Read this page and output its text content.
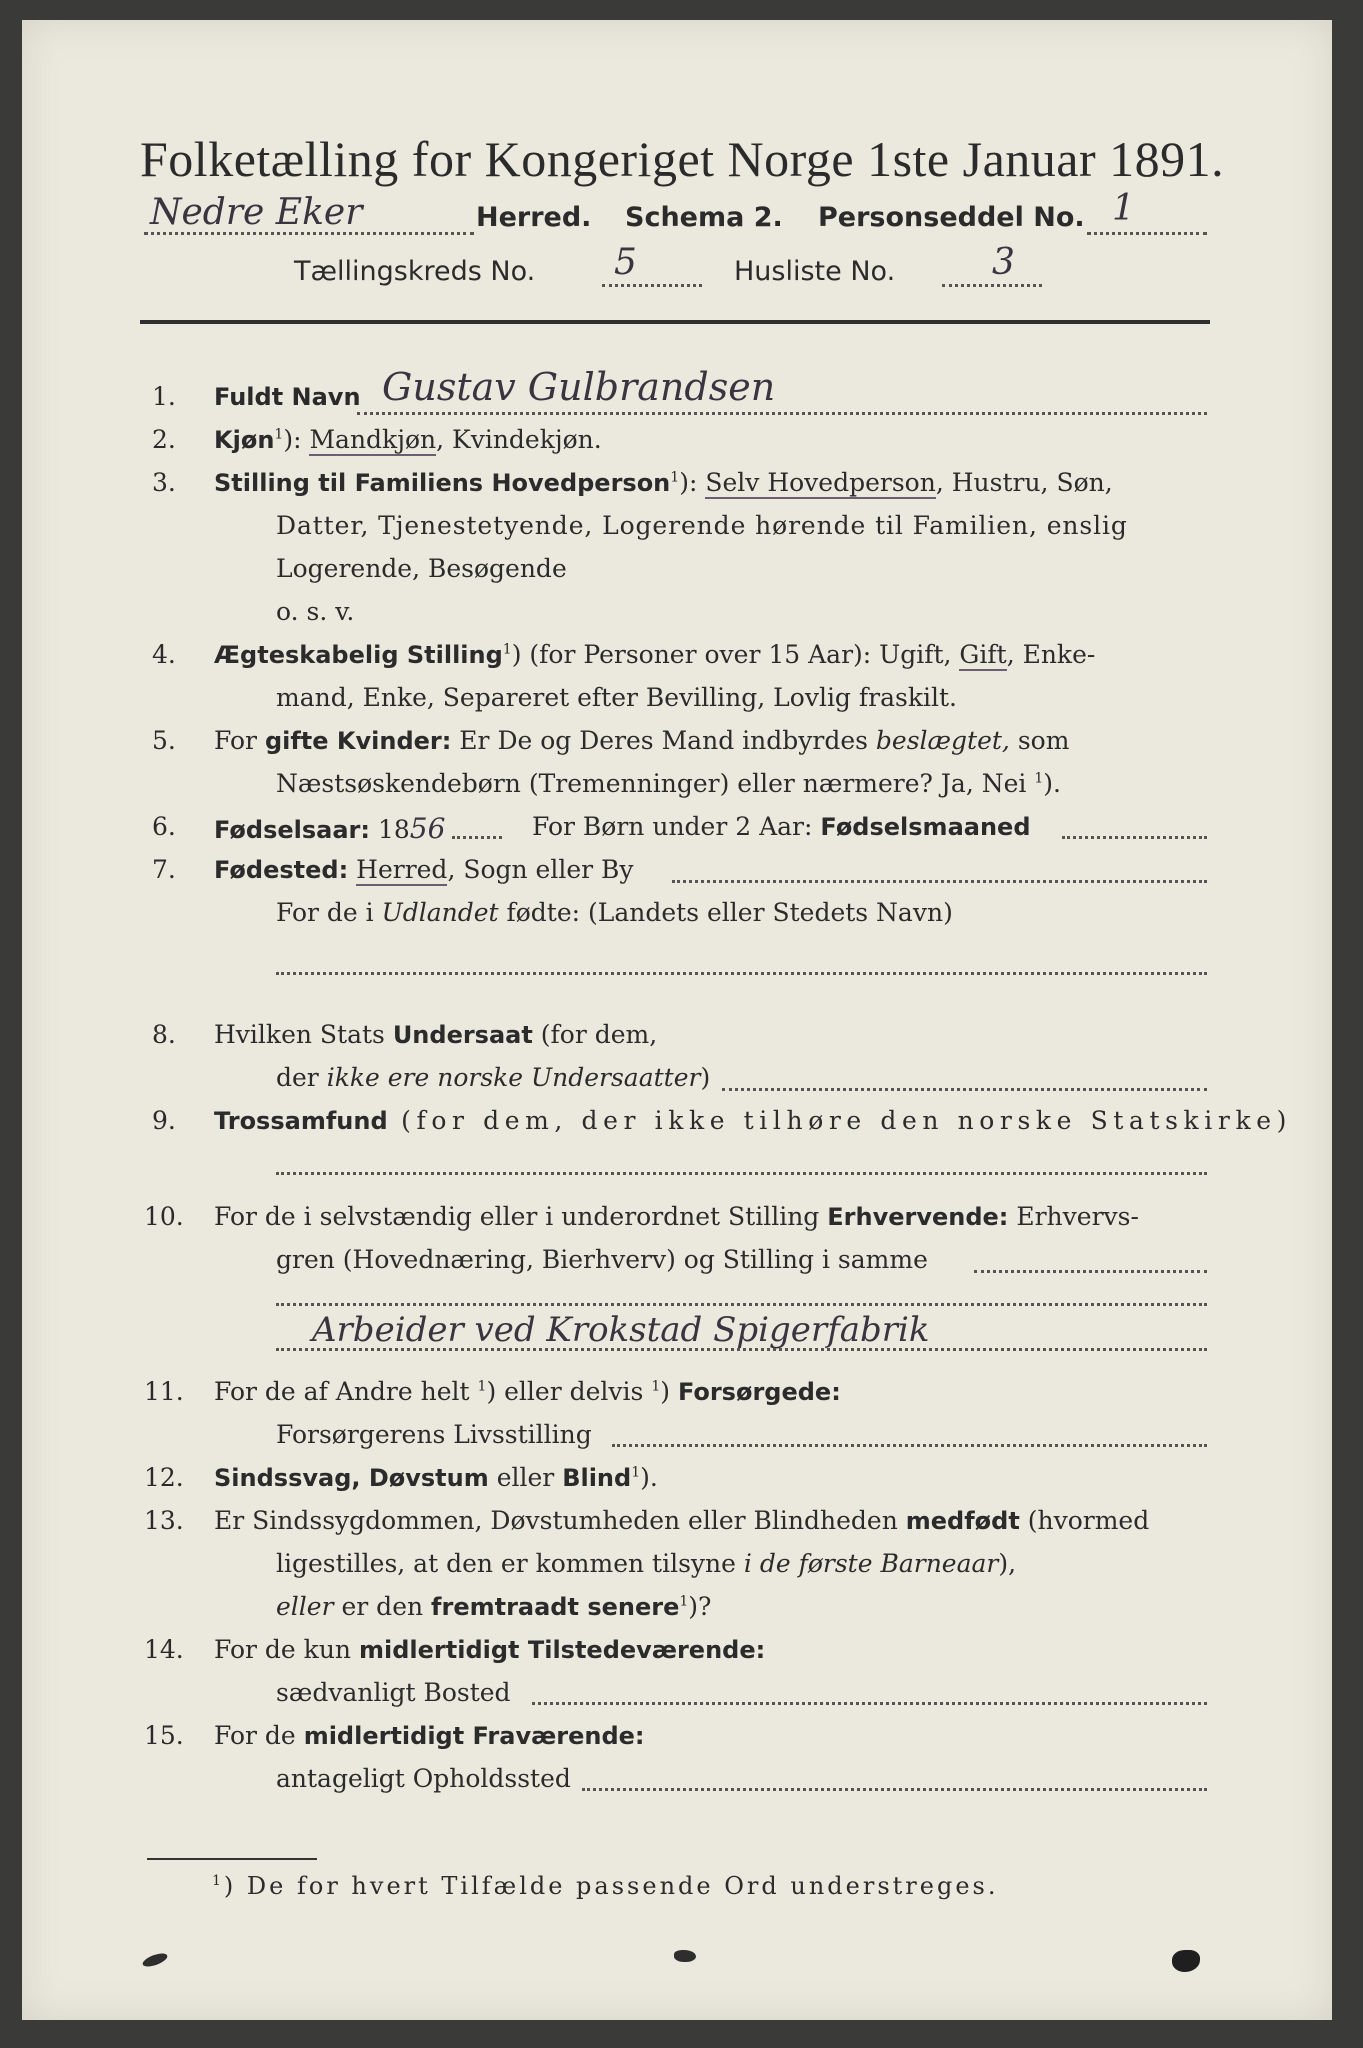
Folketælling for Kongeriget Norge 1ste Januar 1891.
Nedre Eker	Herred. Schema 2. Personseddel No. 1
Tællingskreds No. 5	Husliste No.	3
1. Fuldt Navn Gustav Gulbrandsen
2. Kjøn$^1$): Mandkjøn, Kvindekjøn.
3. Stilling til Familiens Hovedperson$^1$): Selv Hovedperson, Hustru, Søn,
Datter, Tjenestetyende, Logerende hørende til Familien, enslig
Logerende, Besøgende
o. s. v.
4. Ægteskabelig Stilling$^1$) (for Personer over 15 Aar): Ugift, Gift, Enke-
mand, Enke, Separeret efter Bevilling, Lovlig fraskilt.
5. For gifte Kvinder: Er De og Deres Mand indbyrdes beslægtet, som
Næstsøskendebørn (Tremenninger) eller nærmere? Ja, Nei $^1$).
6. Fødselsaar: 1856	For Børn under 2 Aar: Fødselsmaaned
7. Fødested: Herred, Sogn eller By
For de i Udlandet fødte: (Landets eller Stedets Navn)
8. Hvilken Stats Undersaat (for dem,
der ikke ere norske Undersaatter)
9. Trossamfund (for dem, der ikke tilhøre den norske Statskirke)
10. For de i selvstændig eller i underordnet Stilling Erhvervende: Erhvervs-
gren (Hovednæring, Bierhverv) og Stilling i samme
Arbeider ved Krokstad Spigerfabrik
11. For de af Andre helt $^1$) eller delvis $^1$) Forsørgede:
Forsørgerens Livsstilling
12. Sindssvag, Døvstum eller Blind$^1$).
13. Er Sindssygdommen, Døvstumheden eller Blindheden medfødt (hvormed
ligestilles, at den er kommen tilsyne i de første Barneaar),
eller er den fremtraadt senere$^1$)?
14. For de kun midlertidigt Tilstedeværende:
sædvanligt Bosted
15. For de midlertidigt Fraværende:
antageligt Opholdssted
$^1$) De for hvert Tilfælde passende Ord understreges.
